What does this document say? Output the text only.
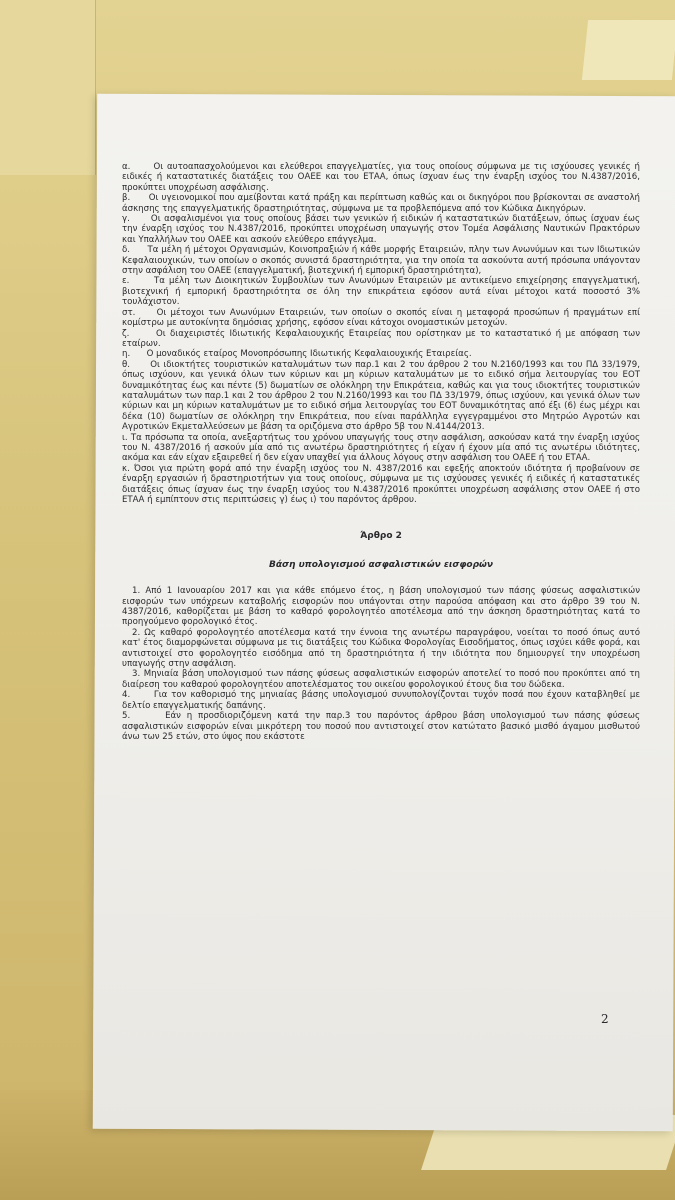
α.      Οι αυτοαπασχολούμενοι και ελεύθεροι επαγγελματίες, για τους οποίους σύμφωνα με τις ισχύουσες γενικές ή ειδικές ή καταστατικές διατάξεις του ΟΑΕΕ και του ΕΤΑΑ, όπως ίσχυαν έως την έναρξη ισχύος του Ν.4387/2016, προκύπτει υποχρέωση ασφάλισης.

β.      Οι υγειονομικοί που αμείβονται κατά πράξη και περίπτωση καθώς και οι δικηγόροι που βρίσκονται σε αναστολή άσκησης της επαγγελματικής δραστηριότητας, σύμφωνα με τα προβλεπόμενα από τον Κώδικα Δικηγόρων.

γ.      Οι ασφαλισμένοι για τους οποίους βάσει των γενικών ή ειδικών ή καταστατικών διατάξεων, όπως ίσχυαν έως την έναρξη ισχύος του Ν.4387/2016, προκύπτει υποχρέωση υπαγωγής στον Τομέα Ασφάλισης Ναυτικών Πρακτόρων και Υπαλλήλων του ΟΑΕΕ και ασκούν ελεύθερο επάγγελμα.

δ.      Τα μέλη ή μέτοχοι Οργανισμών, Κοινοπραξιών ή κάθε μορφής Εταιρειών, πλην των Ανωνύμων και των Ιδιωτικών Κεφαλαιουχικών, των οποίων ο σκοπός συνιστά δραστηριότητα, για την οποία τα ασκούντα αυτή πρόσωπα υπάγονταν στην ασφάλιση του ΟΑΕΕ (επαγγελματική, βιοτεχνική ή εμπορική δραστηριότητα),

ε.      Τα μέλη των Διοικητικών Συμβουλίων των Ανωνύμων Εταιρειών με αντικείμενο επιχείρησης επαγγελματική, βιοτεχνική ή εμπορική δραστηριότητα σε όλη την επικράτεια εφόσον αυτά είναι μέτοχοι κατά ποσοστό 3% τουλάχιστον.

στ.     Οι μέτοχοι των Ανωνύμων Εταιρειών, των οποίων ο σκοπός είναι η μεταφορά προσώπων ή πραγμάτων επί κομίστρω με αυτοκίνητα δημόσιας χρήσης, εφόσον είναι κάτοχοι ονομαστικών μετοχών.

ζ.      Οι διαχειριστές Ιδιωτικής Κεφαλαιουχικής Εταιρείας που ορίστηκαν με το καταστατικό ή με απόφαση των εταίρων.

η.      Ο μοναδικός εταίρος Μονοπρόσωπης Ιδιωτικής Κεφαλαιουχικής Εταιρείας.

θ.      Οι ιδιοκτήτες τουριστικών καταλυμάτων των παρ.1 και 2 του άρθρου 2 του Ν.2160/1993 και του ΠΔ 33/1979, όπως ισχύουν, και γενικά όλων των κύριων και μη κύριων καταλυμάτων με το ειδικό σήμα λειτουργίας του ΕΟΤ δυναμικότητας έως και πέντε (5) δωματίων σε ολόκληρη την Επικράτεια, καθώς και για τους ιδιοκτήτες τουριστικών καταλυμάτων των παρ.1 και 2 του άρθρου 2 του Ν.2160/1993 και του ΠΔ 33/1979, όπως ισχύουν, και γενικά όλων των κύριων και μη κύριων καταλυμάτων με το ειδικό σήμα λειτουργίας του ΕΟΤ δυναμικότητας από έξι (6) έως μέχρι και δέκα (10) δωματίων σε ολόκληρη την Επικράτεια, που είναι παράλληλα εγγεγραμμένοι στο Μητρώο Αγροτών και Αγροτικών Εκμεταλλεύσεων με βάση τα οριζόμενα στο άρθρο 5β του Ν.4144/2013.

ι. Τα πρόσωπα τα οποία, ανεξαρτήτως του χρόνου υπαγωγής τους στην ασφάλιση, ασκούσαν κατά την έναρξη ισχύος του Ν. 4387/2016 ή ασκούν μία από τις ανωτέρω δραστηριότητες ή είχαν ή έχουν μία από τις ανωτέρω ιδιότητες, ακόμα και εάν είχαν εξαιρεθεί ή δεν είχαν υπαχθεί για άλλους λόγους στην ασφάλιση του ΟΑΕΕ ή του ΕΤΑΑ.

κ. Όσοι για πρώτη φορά από την έναρξη ισχύος του Ν. 4387/2016 και εφεξής αποκτούν ιδιότητα ή προβαίνουν σε έναρξη εργασιών ή δραστηριοτήτων για τους οποίους, σύμφωνα με τις ισχύουσες γενικές ή ειδικές ή καταστατικές διατάξεις όπως ίσχυαν έως την έναρξη ισχύος του Ν.4387/2016 προκύπτει υποχρέωση ασφάλισης στον ΟΑΕΕ ή στο ΕΤΑΑ ή εμπίπτουν στις περιπτώσεις γ) έως ι) του παρόντος άρθρου.

Άρθρο 2

Βάση υπολογισμού ασφαλιστικών εισφορών

1. Από 1 Ιανουαρίου 2017 και για κάθε επόμενο έτος, η βάση υπολογισμού των πάσης φύσεως ασφαλιστικών εισφορών των υπόχρεων καταβολής εισφορών που υπάγονται στην παρούσα απόφαση και στο άρθρο 39 του Ν. 4387/2016, καθορίζεται με βάση το καθαρό φορολογητέο αποτέλεσμα από την άσκηση δραστηριότητας κατά το προηγούμενο φορολογικό έτος.

2. Ως καθαρό φορολογητέο αποτέλεσμα κατά την έννοια της ανωτέρω παραγράφου, νοείται το ποσό όπως αυτό κατ' έτος διαμορφώνεται σύμφωνα με τις διατάξεις του Κώδικα Φορολογίας Εισοδήματος, όπως ισχύει κάθε φορά, και αντιστοιχεί στο φορολογητέο εισόδημα από τη δραστηριότητα ή την ιδιότητα που δημιουργεί την υποχρέωση υπαγωγής στην ασφάλιση.

3. Μηνιαία βάση υπολογισμού των πάσης φύσεως ασφαλιστικών εισφορών αποτελεί το ποσό που προκύπτει από τη διαίρεση του καθαρού φορολογητέου αποτελέσματος του οικείου φορολογικού έτους δια του δώδεκα.

4.      Για τον καθορισμό της μηνιαίας βάσης υπολογισμού συνυπολογίζονται τυχόν ποσά που έχουν καταβληθεί με δελτίο επαγγελματικής δαπάνης.

5.      Εάν η προσδιοριζόμενη κατά την παρ.3 του παρόντος άρθρου βάση υπολογισμού των πάσης φύσεως ασφαλιστικών εισφορών είναι μικρότερη του ποσού που αντιστοιχεί στον κατώτατο βασικό μισθό άγαμου μισθωτού άνω των 25 ετών, στο ύψος που εκάστοτε

2
